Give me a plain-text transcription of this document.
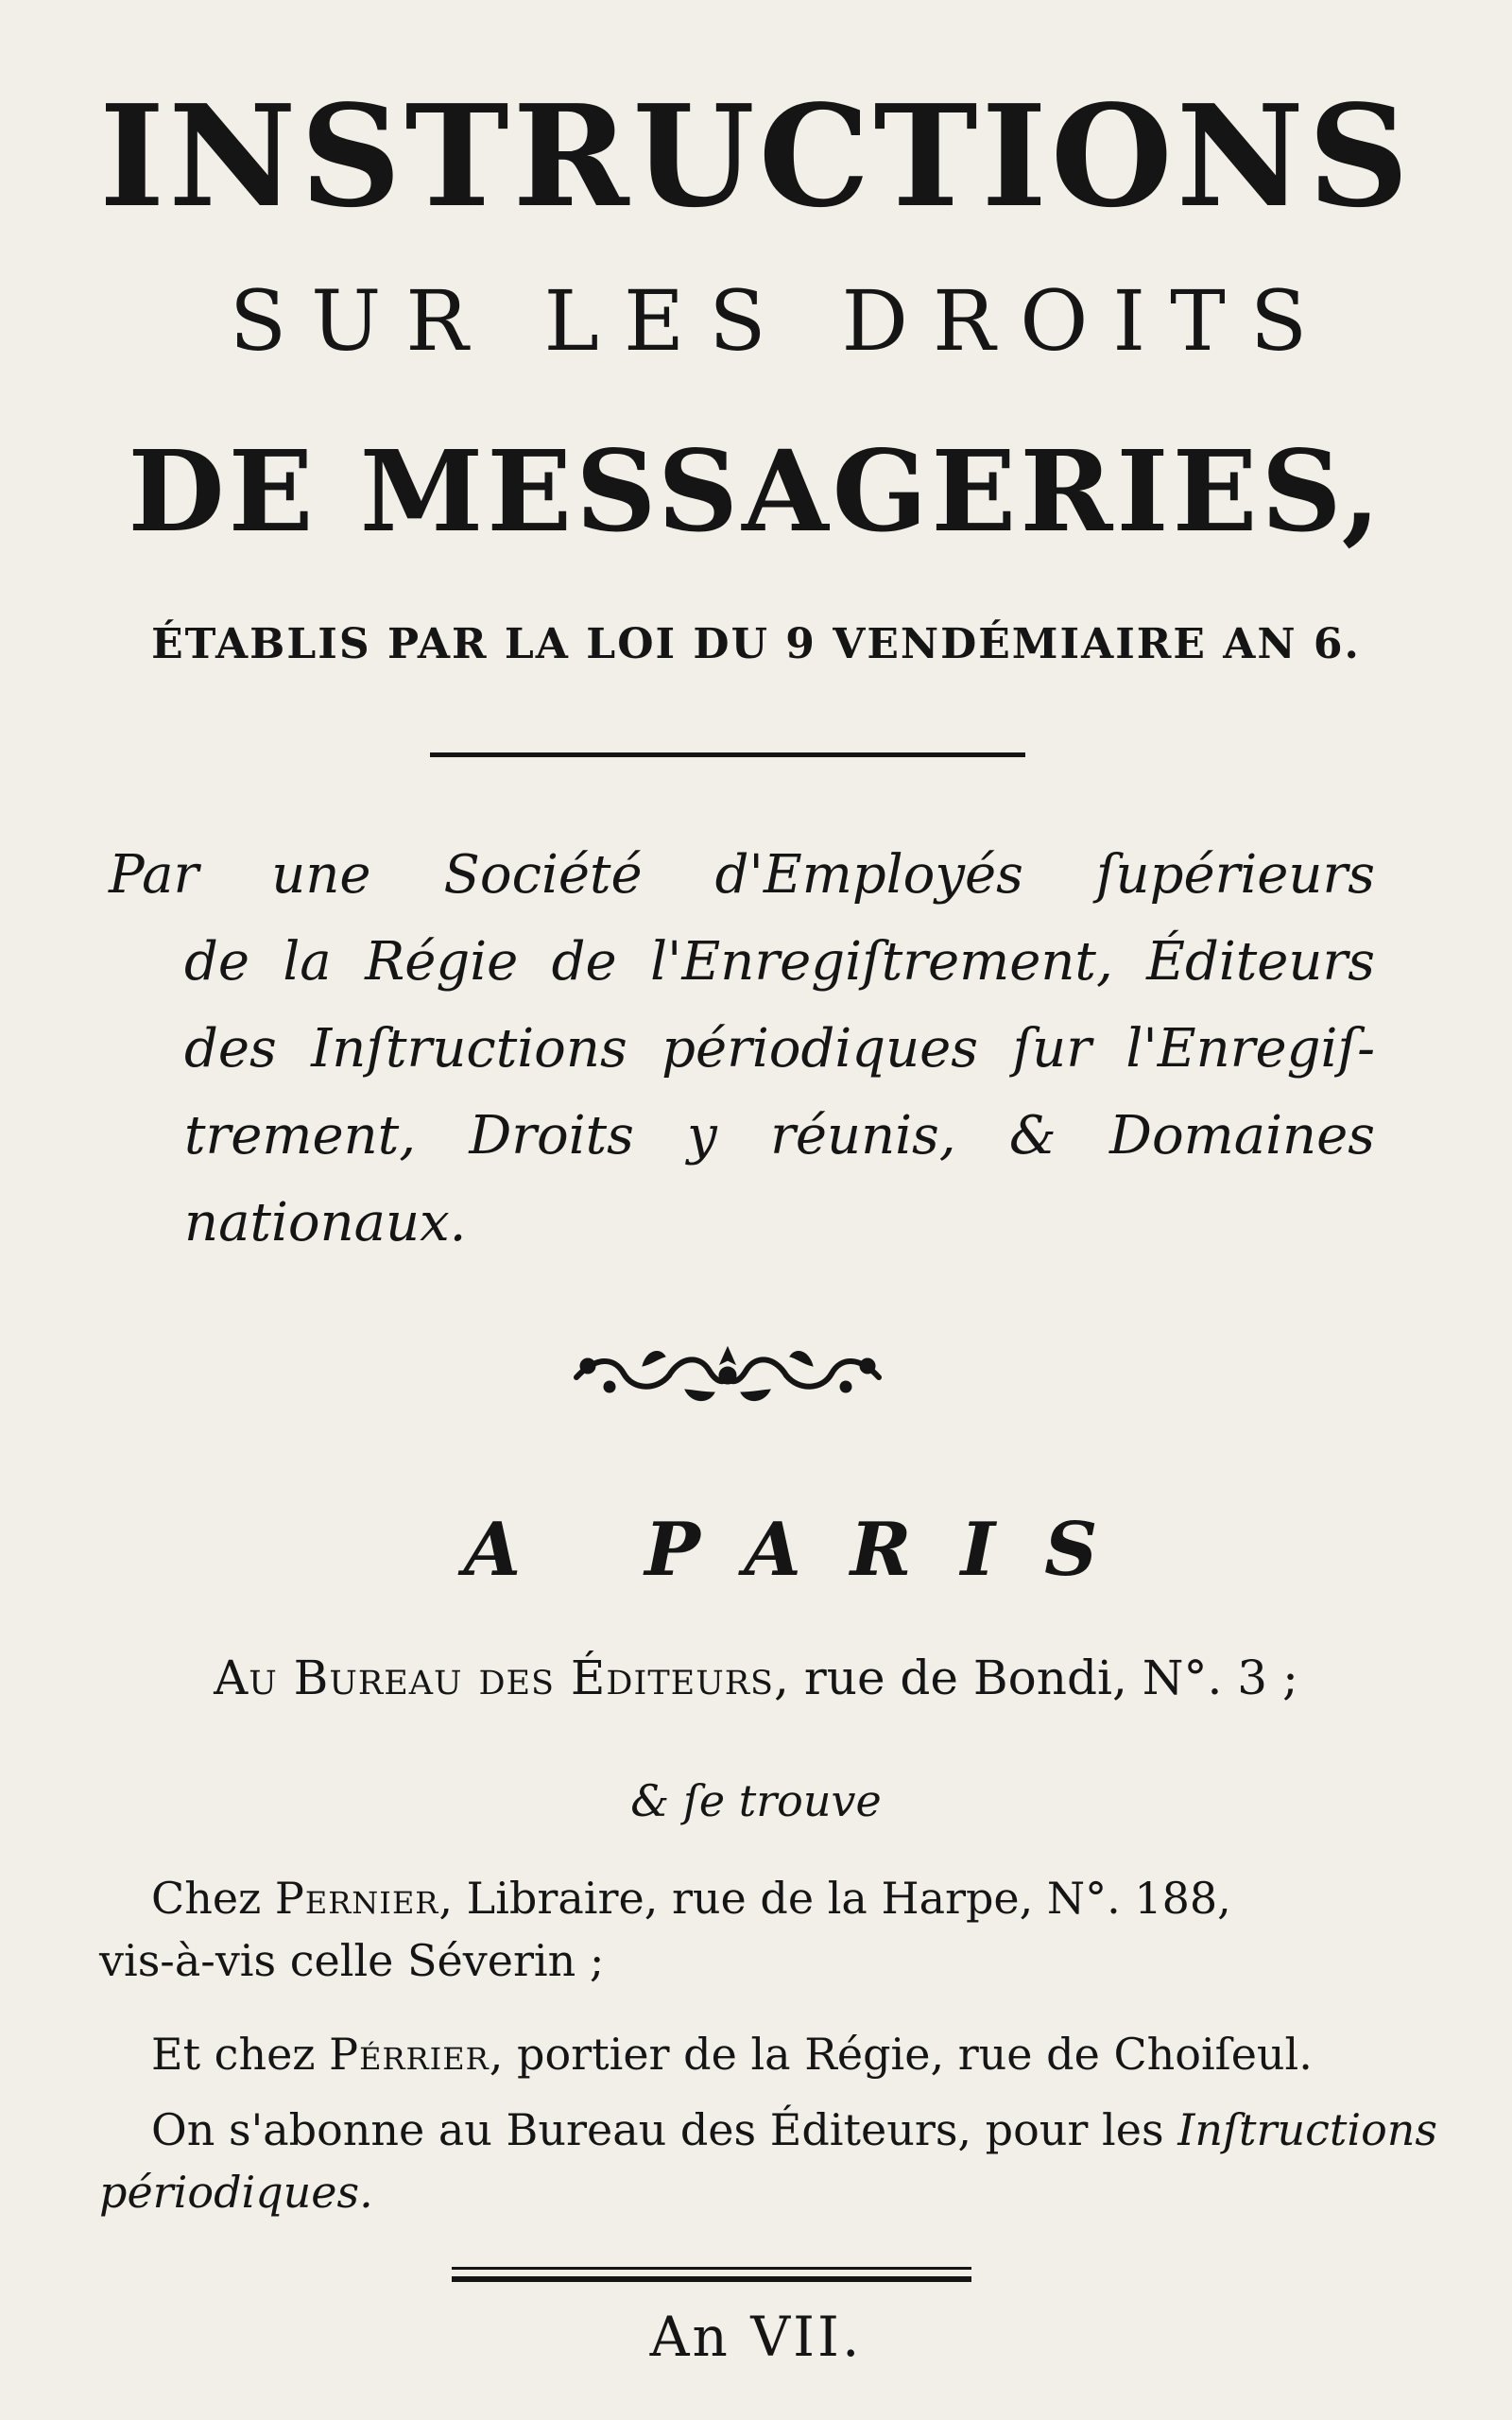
INSTRUCTIONS
SUR LES DROITS
DE MESSAGERIES,
ÉTABLIS PAR LA LOI DU 9 VENDÉMIAIRE AN 6.
Par une Société d'Employés ſupérieurs
de la Régie de l'Enregiſtrement, Éditeurs
des Inſtructions périodiques ſur l'Enregiſ-
trement, Droits y réunis, & Domaines
nationaux.
A PARIS
Au Bureau des Éditeurs, rue de Bondi, N°. 3 ;
& ſe trouve
Chez Pernier, Libraire, rue de la Harpe, N°. 188,
vis-à-vis celle Séverin ;
Et chez Pérrier, portier de la Régie, rue de Choiſeul.
On s'abonne au Bureau des Éditeurs, pour les Inſtructions
périodiques.
An VII.
